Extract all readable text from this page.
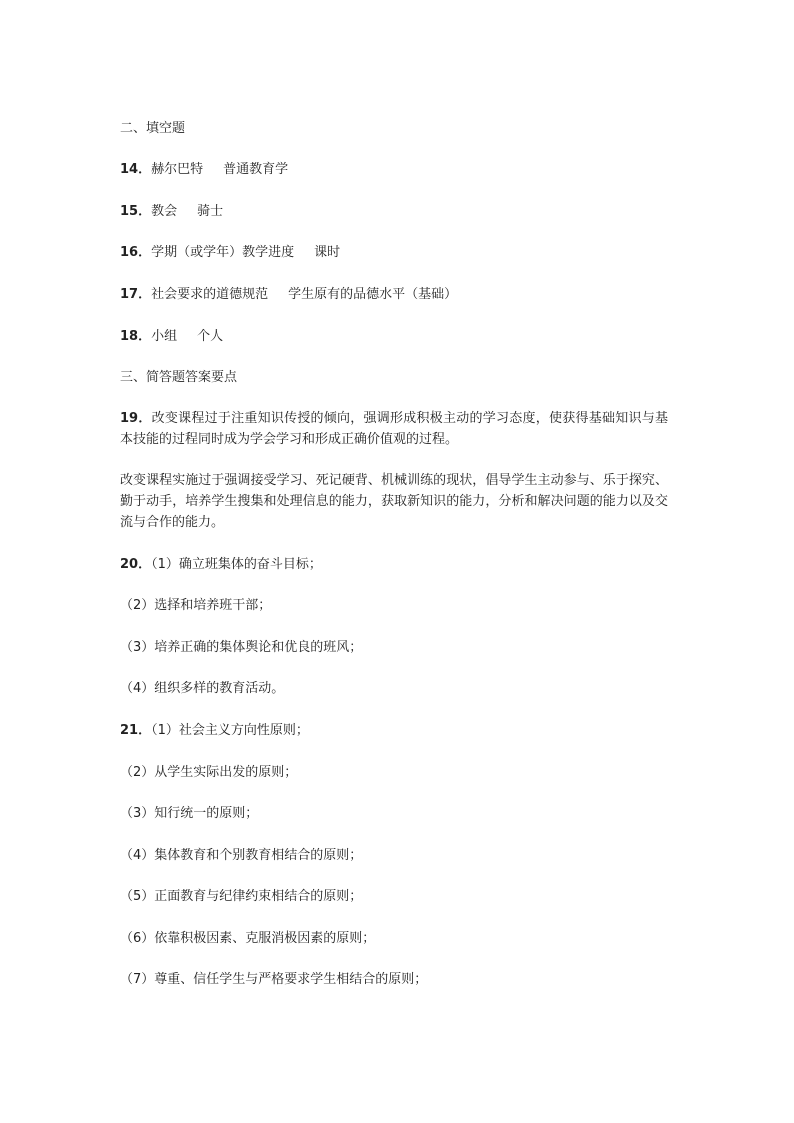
二、填空题
14．赫尔巴特 普通教育学
15．教会 骑士
16．学期（或学年）教学进度 课时
17．社会要求的道德规范 学生原有的品德水平（基础）
18．小组 个人
三、简答题答案要点
19．改变课程过于注重知识传授的倾向，强调形成积极主动的学习态度，使获得基础知识与基本技能的过程同时成为学会学习和形成正确价值观的过程。
改变课程实施过于强调接受学习、死记硬背、机械训练的现状，倡导学生主动参与、乐于探究、勤于动手，培养学生搜集和处理信息的能力，获取新知识的能力，分析和解决问题的能力以及交流与合作的能力。
20．（1）确立班集体的奋斗目标；
（2）选择和培养班干部；
（3）培养正确的集体舆论和优良的班风；
（4）组织多样的教育活动。
21．（1）社会主义方向性原则；
（2）从学生实际出发的原则；
（3）知行统一的原则；
（4）集体教育和个别教育相结合的原则；
（5）正面教育与纪律约束相结合的原则；
（6）依靠积极因素、克服消极因素的原则；
（7）尊重、信任学生与严格要求学生相结合的原则；
